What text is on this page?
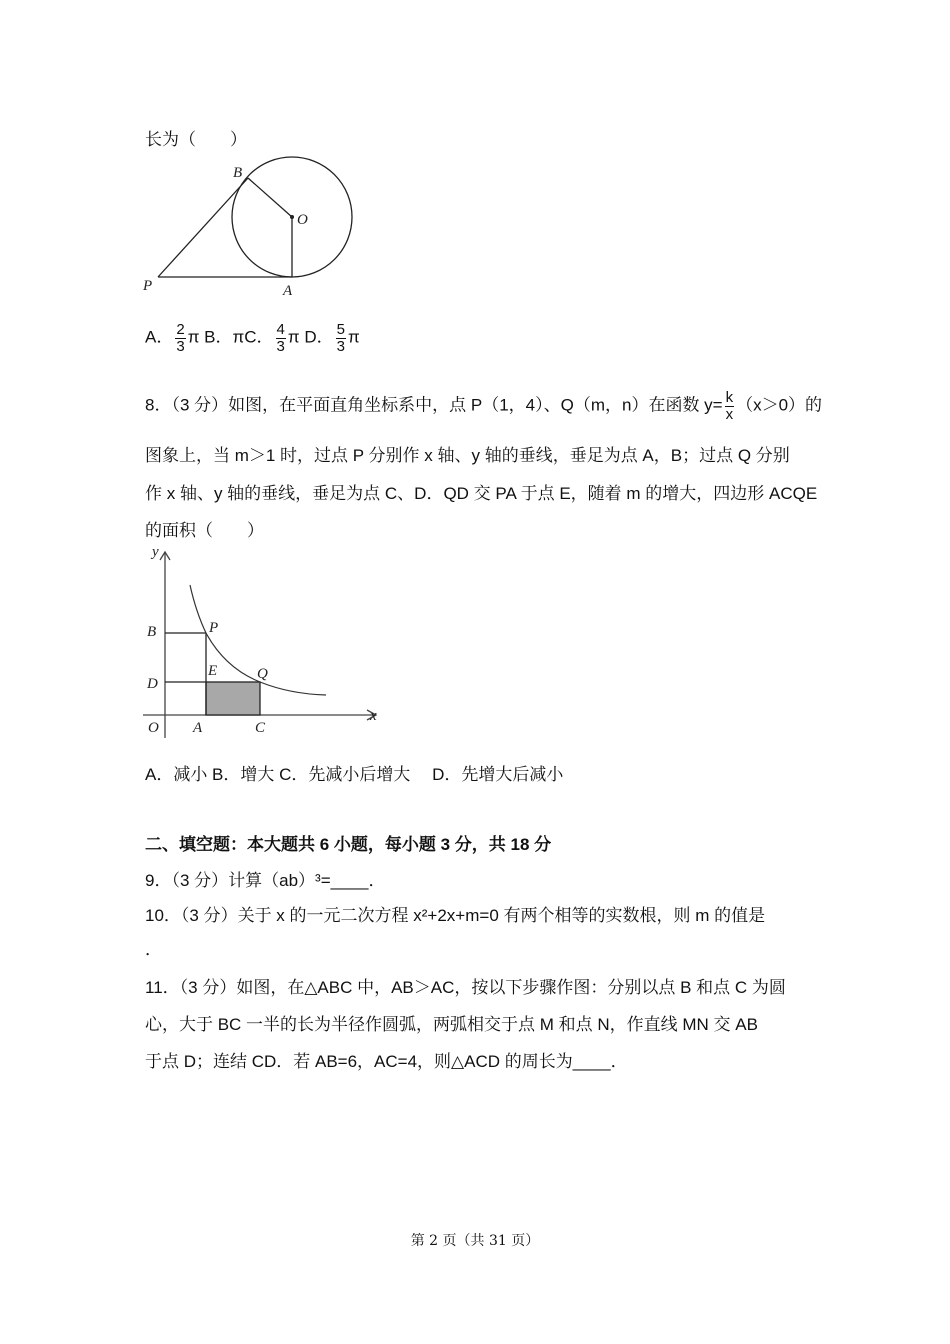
长为（　　）
B
O
P	A
A． $\frac{2}{3}$ π B．πC． $\frac{4}{3}$ π D． $\frac{5}{3}$ π
8．（3 分）如图，在平面直角坐标系中，点 P（1，4）、Q（m，n）在函数 $y= \frac{k}{x} (x>0)$的
图象上，当 m＞1 时，过点 P 分别作 x 轴、y 轴的垂线，垂足为点 A，B；过点 Q 分别
作 x 轴、y 轴的垂线，垂足为点 C、D．QD 交 PA 于点 E，随着 m 的增大，四边形 ACQE
的面积（　　）
y
x
B	P
E	Q
D
O A	C
A．减小 B．增大 C．先减小后增大　 D．先增大后减小
二、填空题：本大题共 6 小题，每小题 3 分，共 18 分
9．（3 分）计算（ab）³=____．
10．（3 分）关于 x 的一元二次方程 x²+2x+m=0 有两个相等的实数根，则 m 的值是
．
11．（3 分）如图，在△ABC 中，AB＞AC，按以下步骤作图：分别以点 B 和点 C 为圆
心，大于 BC 一半的长为半径作圆弧，两弧相交于点 M 和点 N，作直线 MN 交 AB
于点 D；连结 CD．若 AB=6，AC=4，则△ACD 的周长为____．
第 2 页（共 31 页）
